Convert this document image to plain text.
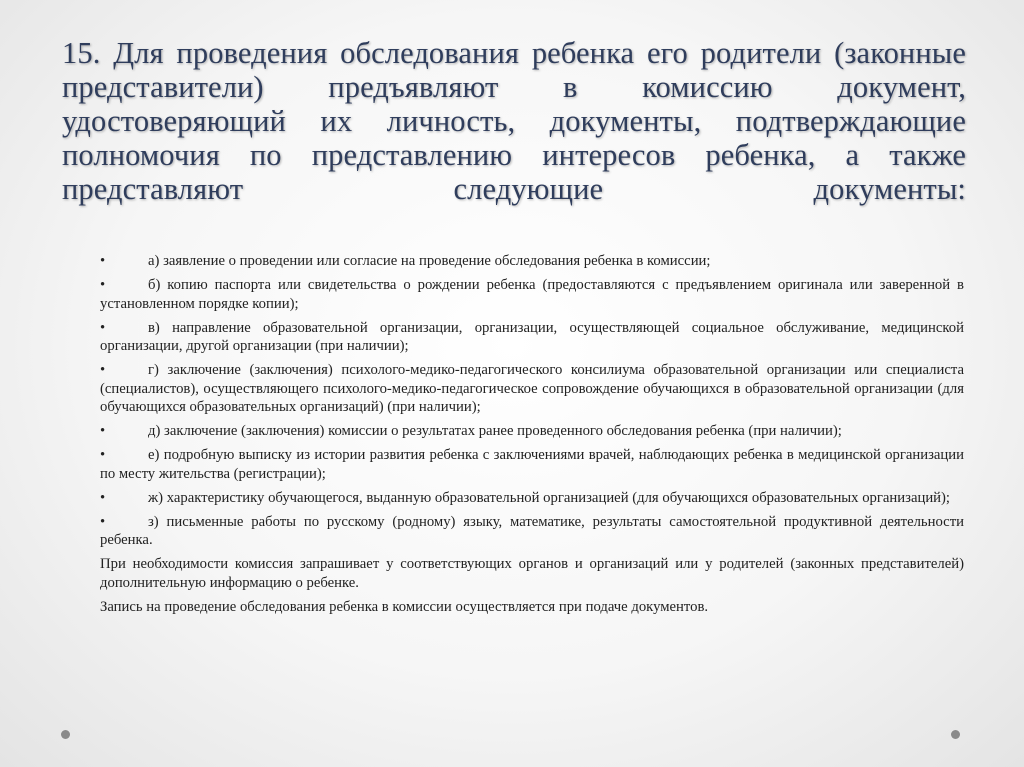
15. Для проведения обследования ребенка его родители (законные представители) предъявляют в комиссию документ, удостоверяющий их личность, документы, подтверждающие полномочия по представлению интересов ребенка, а также представляют следующие документы:

•	а) заявление о проведении или согласие на проведение обследования ребенка в комиссии;

•	б) копию паспорта или свидетельства о рождении ребенка (предоставляются с предъявлением оригинала или заверенной в установленном порядке копии);

•	в) направление образовательной организации, организации, осуществляющей социальное обслуживание, медицинской организации, другой организации (при наличии);

•	г) заключение (заключения) психолого-медико-педагогического консилиума образовательной организации или специалиста (специалистов), осуществляющего психолого-медико-педагогическое сопровождение обучающихся в образовательной организации (для обучающихся образовательных организаций) (при наличии);

•	д) заключение (заключения) комиссии о результатах ранее проведенного обследования ребенка (при наличии);

•	е) подробную выписку из истории развития ребенка с заключениями врачей, наблюдающих ребенка в медицинской организации по месту жительства (регистрации);

•	ж) характеристику обучающегося, выданную образовательной организацией (для обучающихся образовательных организаций);

•	з) письменные работы по русскому (родному) языку, математике, результаты самостоятельной продуктивной деятельности ребенка.

При необходимости комиссия запрашивает у соответствующих органов и организаций или у родителей (законных представителей) дополнительную информацию о ребенке.

Запись на проведение обследования ребенка в комиссии осуществляется при подаче документов.
